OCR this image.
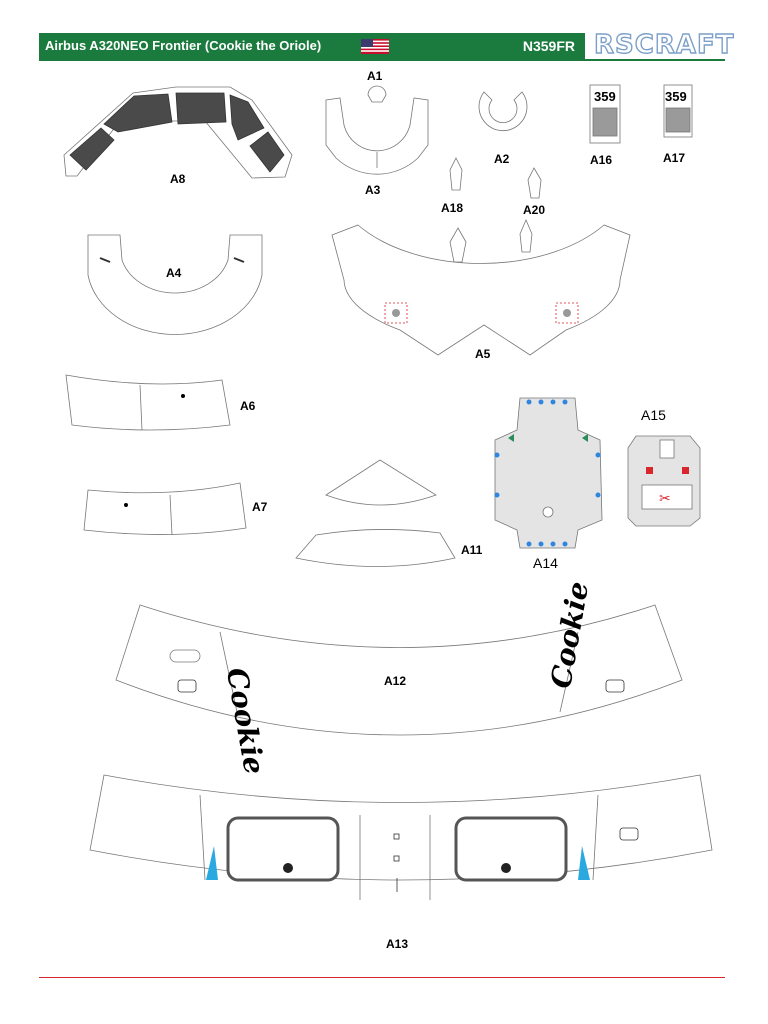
Airbus A320NEO Frontier (Cookie the Oriole)	N359FR RSCRAFT
A8
A1
A3
A2
359
A16
359
A17
A18	A20
A4
A5
A6
A7
A11
A14
✂
A15
Cookie
Cookie
A12
A13
